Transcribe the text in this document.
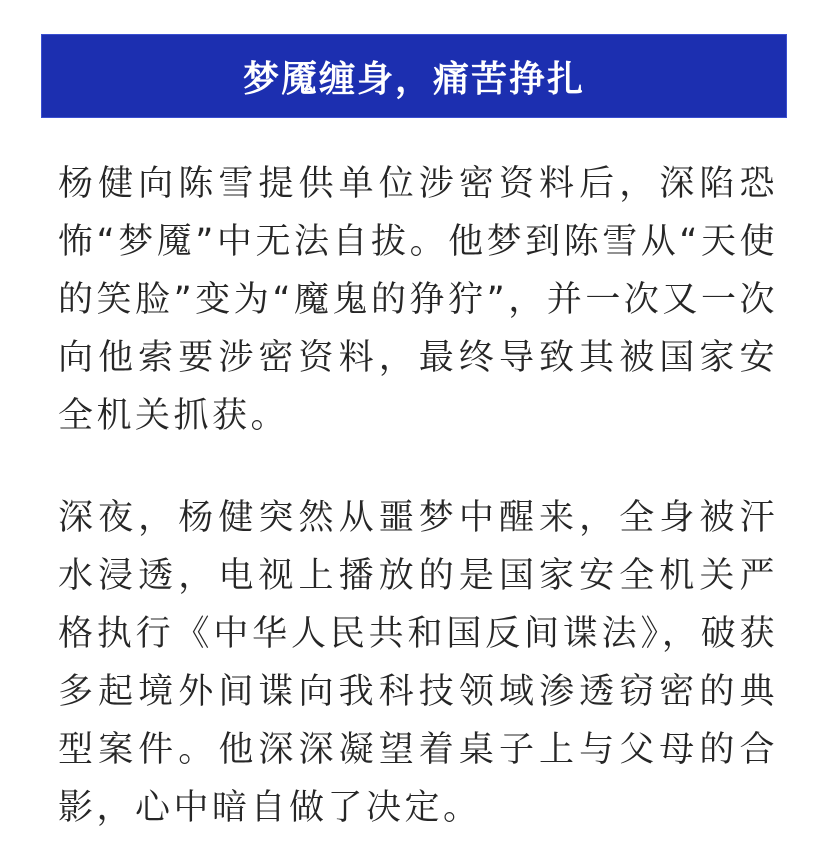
梦魇缠身，痛苦挣扎

杨健向陈雪提供单位涉密资料后，深陷恐怖“梦魇”中无法自拔。他梦到陈雪从“天使的笑脸”变为“魔鬼的狰狞”，并一次又一次向他索要涉密资料，最终导致其被国家安全机关抓获。

深夜，杨健突然从噩梦中醒来，全身被汗水浸透，电视上播放的是国家安全机关严格执行《中华人民共和国反间谍法》，破获多起境外间谍向我科技领域渗透窃密的典型案件。他深深凝望着桌子上与父母的合影，心中暗自做了决定。
